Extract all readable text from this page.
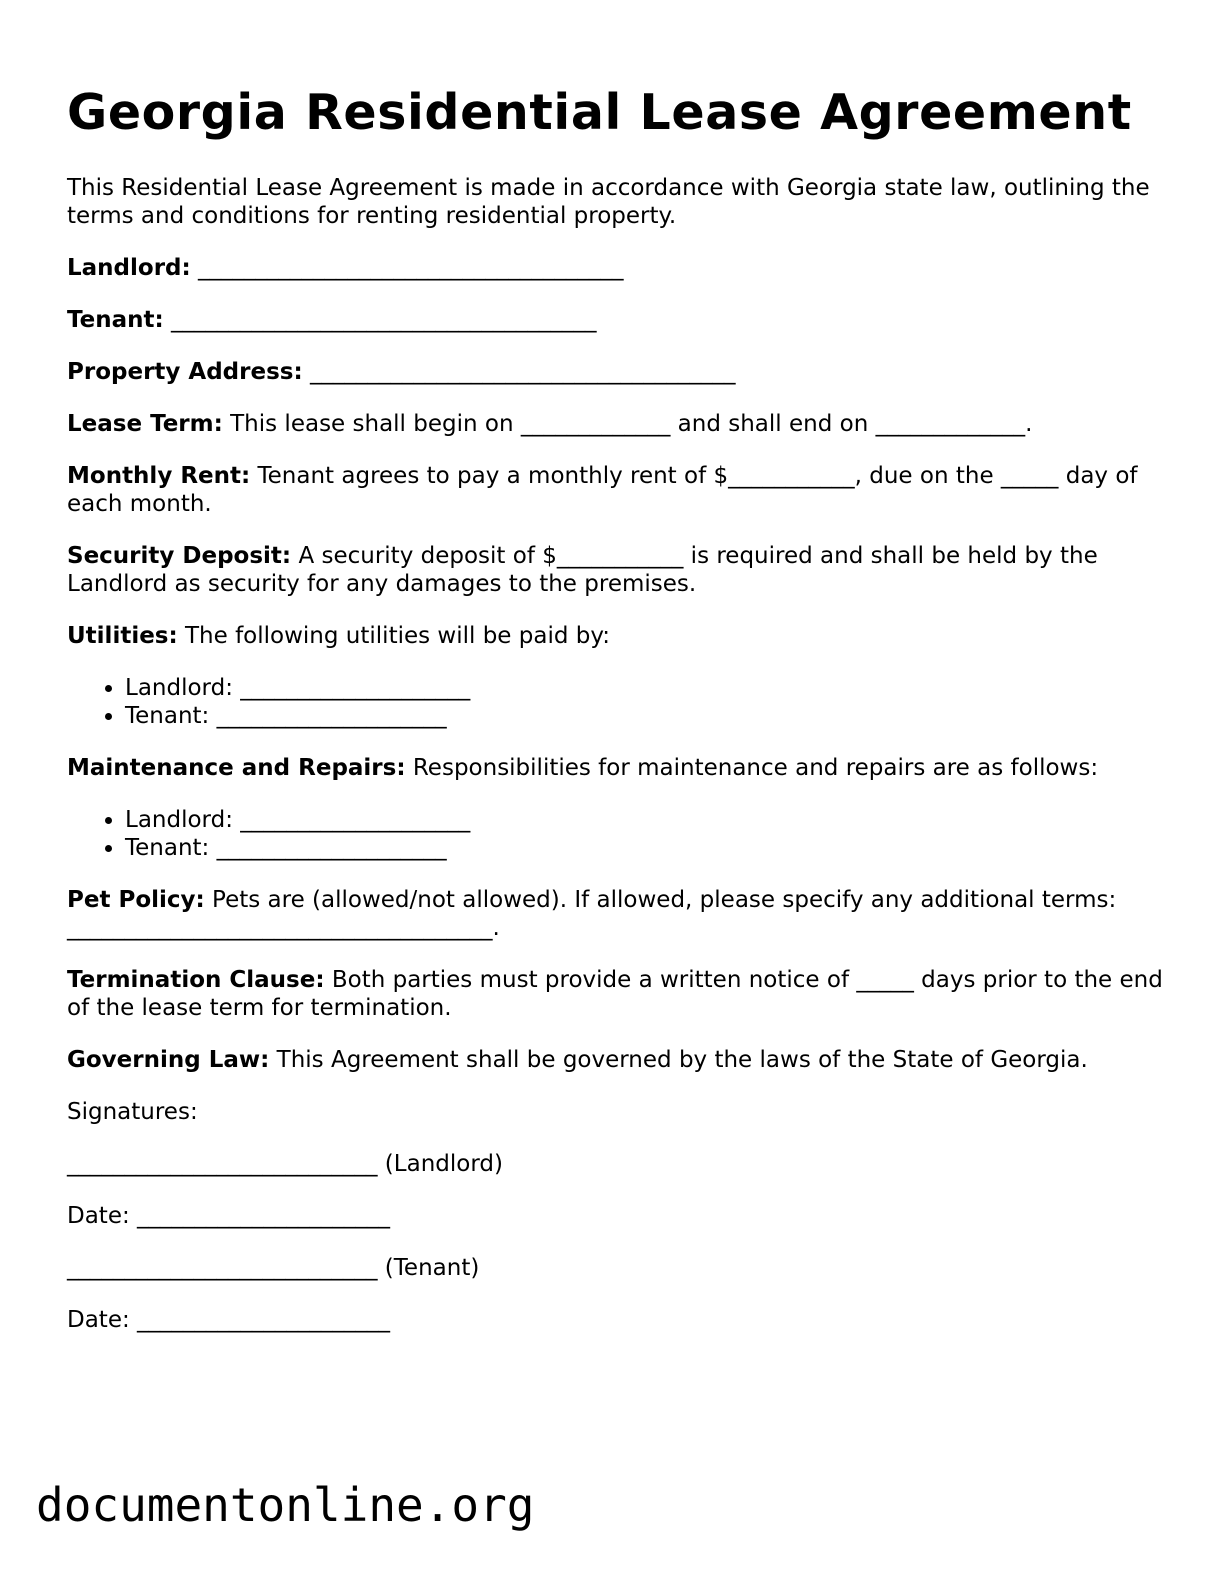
Georgia Residential Lease Agreement

This Residential Lease Agreement is made in accordance with Georgia state law, outlining the terms and conditions for renting residential property.

Landlord: _____________________________________

Tenant: _____________________________________

Property Address: _____________________________________

Lease Term: This lease shall begin on _____________ and shall end on _____________.

Monthly Rent: Tenant agrees to pay a monthly rent of $___________, due on the _____ day of each month.

Security Deposit: A security deposit of $___________ is required and shall be held by the Landlord as security for any damages to the premises.

Utilities: The following utilities will be paid by:

• Landlord: ____________________
• Tenant: ____________________

Maintenance and Repairs: Responsibilities for maintenance and repairs are as follows:

• Landlord: ____________________
• Tenant: ____________________

Pet Policy: Pets are (allowed/not allowed). If allowed, please specify any additional terms: _____________________________________.

Termination Clause: Both parties must provide a written notice of _____ days prior to the end of the lease term for termination.

Governing Law: This Agreement shall be governed by the laws of the State of Georgia.

Signatures:

___________________________ (Landlord)

Date: ______________________

___________________________ (Tenant)

Date: ______________________

documentonline.org
